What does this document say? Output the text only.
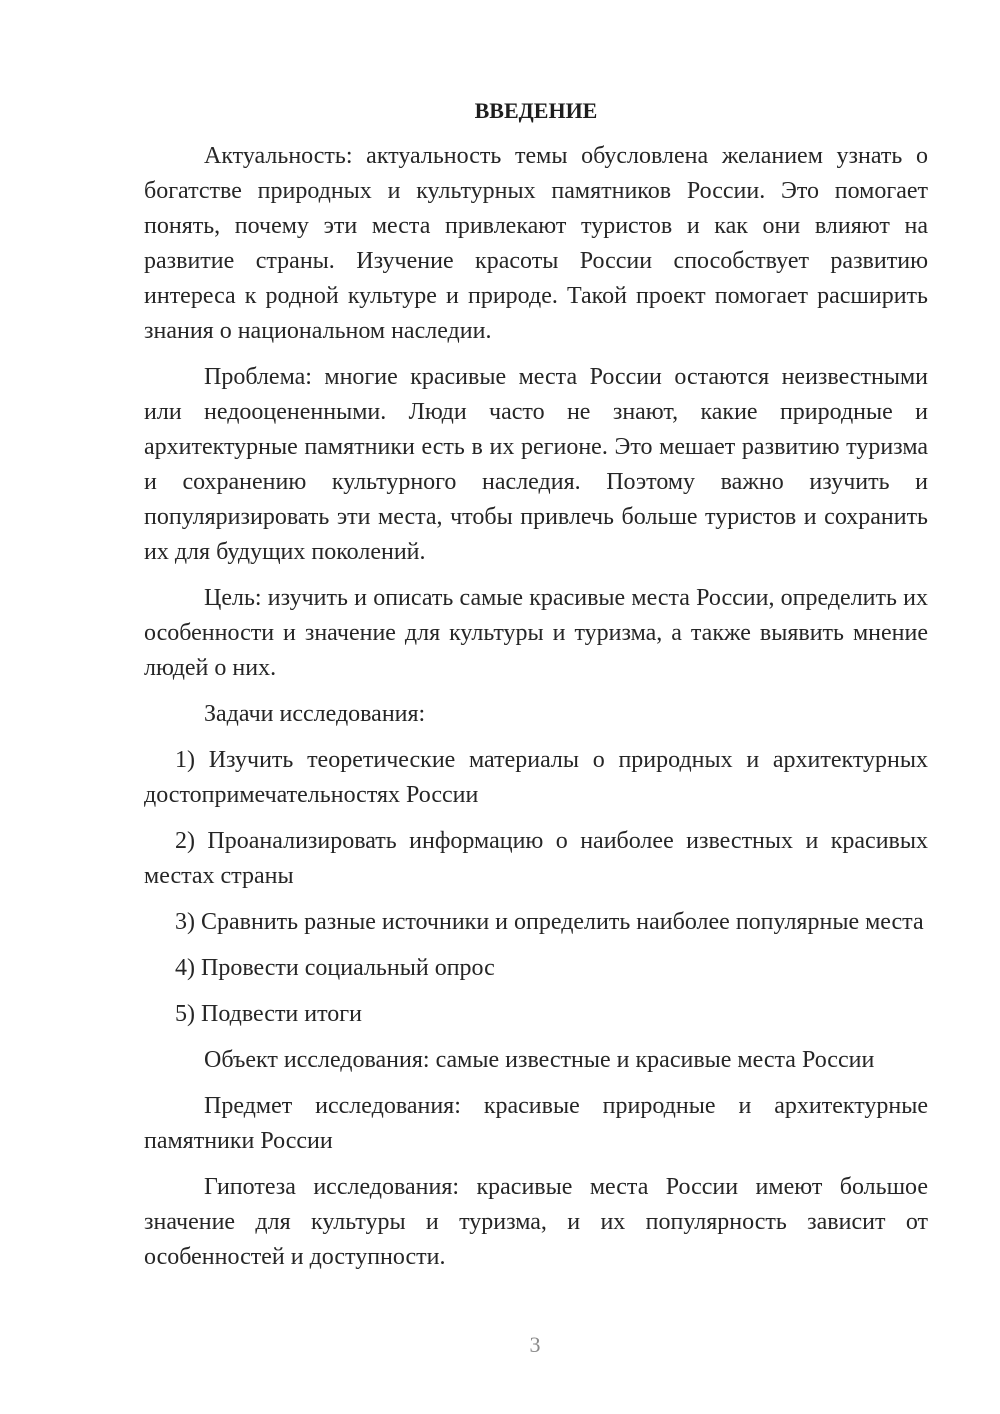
ВВЕДЕНИЕ

Актуальность: актуальность темы обусловлена желанием узнать о богатстве природных и культурных памятников России. Это помогает понять, почему эти места привлекают туристов и как они влияют на развитие страны. Изучение красоты России способствует развитию интереса к родной культуре и природе. Такой проект помогает расширить знания о национальном наследии.

Проблема: многие красивые места России остаются неизвестными или недооцененными. Люди часто не знают, какие природные и архитектурные памятники есть в их регионе. Это мешает развитию туризма и сохранению культурного наследия. Поэтому важно изучить и популяризировать эти места, чтобы привлечь больше туристов и сохранить их для будущих поколений.

Цель: изучить и описать самые красивые места России, определить их особенности и значение для культуры и туризма, а также выявить мнение людей о них.

Задачи исследования:

1) Изучить теоретические материалы о природных и архитектурных достопримечательностях России

2) Проанализировать информацию о наиболее известных и красивых местах страны

3) Сравнить разные источники и определить наиболее популярные места

4) Провести социальный опрос

5) Подвести итоги

Объект исследования: самые известные и красивые места России

Предмет исследования: красивые природные и архитектурные памятники России

Гипотеза исследования: красивые места России имеют большое значение для культуры и туризма, и их популярность зависит от особенностей и доступности.

3
